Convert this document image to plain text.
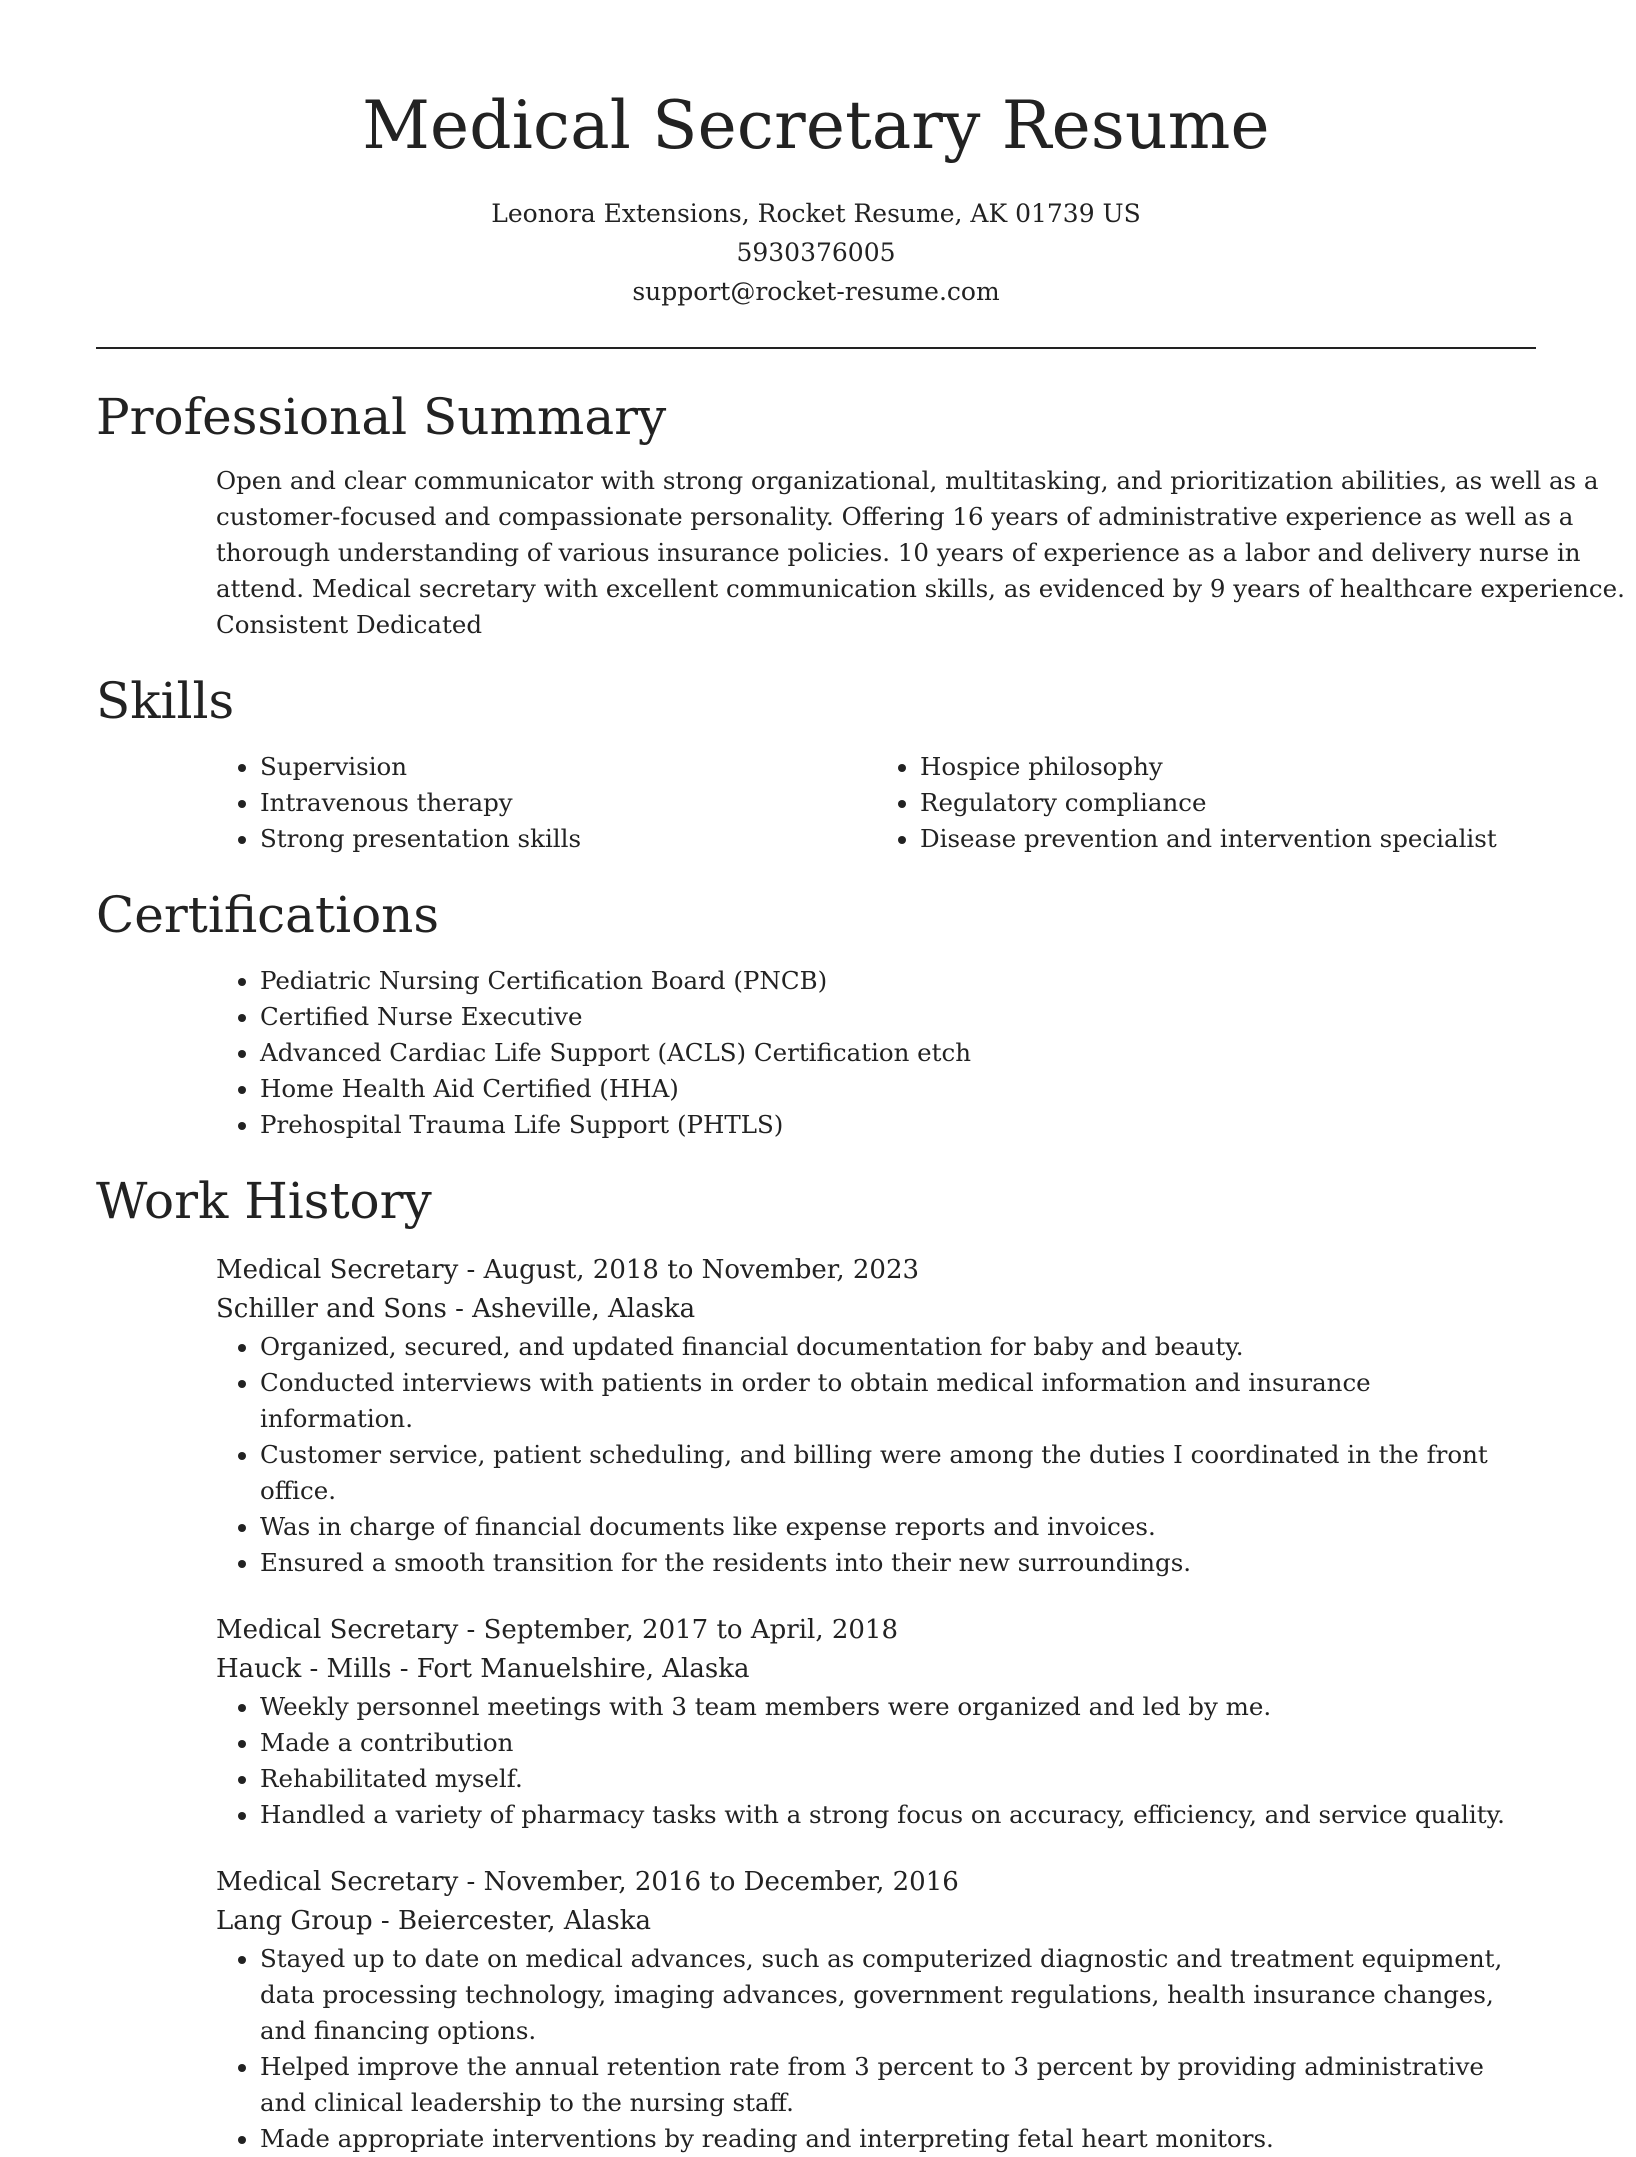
Medical Secretary Resume
Leonora Extensions, Rocket Resume, AK 01739 US
5930376005
support@rocket-resume.com
Professional Summary

Open and clear communicator with strong organizational, multitasking, and prioritization abilities, as well as a customer-focused and compassionate personality. Offering 16 years of administrative experience as well as a thorough understanding of various insurance policies. 10 years of experience as a labor and delivery nurse in attend. Medical secretary with excellent communication skills, as evidenced by 9 years of healthcare experience. Consistent Dedicated

Skills
• Supervision
• Intravenous therapy
• Strong presentation skills
• Hospice philosophy
• Regulatory compliance
• Disease prevention and intervention specialist
Certifications
• Pediatric Nursing Certification Board (PNCB)
• Certified Nurse Executive
• Advanced Cardiac Life Support (ACLS) Certification etch
• Home Health Aid Certified (HHA)
• Prehospital Trauma Life Support (PHTLS)
Work History
Medical Secretary - August, 2018 to November, 2023
Schiller and Sons - Asheville, Alaska
• Organized, secured, and updated financial documentation for baby and beauty.
• Conducted interviews with patients in order to obtain medical information and insurance information.
• Customer service, patient scheduling, and billing were among the duties I coordinated in the front office.
• Was in charge of financial documents like expense reports and invoices.
• Ensured a smooth transition for the residents into their new surroundings.
Medical Secretary - September, 2017 to April, 2018
Hauck - Mills - Fort Manuelshire, Alaska
• Weekly personnel meetings with 3 team members were organized and led by me.
• Made a contribution
• Rehabilitated myself.
• Handled a variety of pharmacy tasks with a strong focus on accuracy, efficiency, and service quality.
Medical Secretary - November, 2016 to December, 2016
Lang Group - Beiercester, Alaska
• Stayed up to date on medical advances, such as computerized diagnostic and treatment equipment, data processing technology, imaging advances, government regulations, health insurance changes, and financing options.
• Helped improve the annual retention rate from 3 percent to 3 percent by providing administrative and clinical leadership to the nursing staff.
• Made appropriate interventions by reading and interpreting fetal heart monitors.
